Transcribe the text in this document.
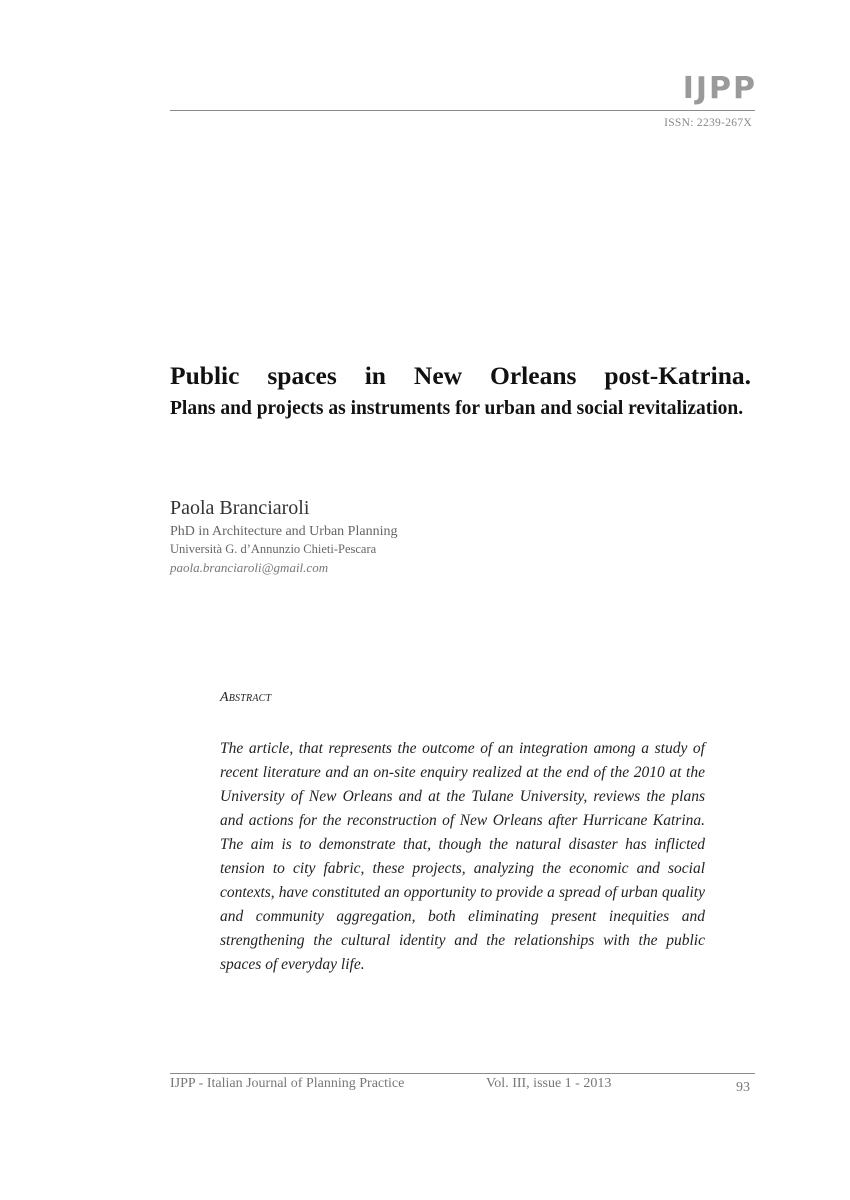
IJPP
ISSN: 2239-267X
Public spaces in New Orleans post-Katrina.
Plans and projects as instruments for urban and social revitalization.
Paola Branciaroli
PhD in Architecture and Urban Planning
Università G. d’Annunzio Chieti-Pescara
paola.branciaroli@gmail.com
Abstract

The article, that represents the outcome of an integration among a study of recent literature and an on-site enquiry realized at the end of the 2010 at the University of New Orleans and at the Tulane University, reviews the plans and actions for the reconstruction of New Orleans after Hurricane Katrina. The aim is to demonstrate that, though the natural disaster has inflicted tension to city fabric, these projects, analyzing the economic and social contexts, have constituted an opportunity to provide a spread of urban quality and community aggregation, both eliminating present inequities and strengthening the cultural identity and the relationships with the public spaces of everyday life.

IJPP - Italian Journal of Planning Practice	Vol. III, issue 1 - 2013	93
